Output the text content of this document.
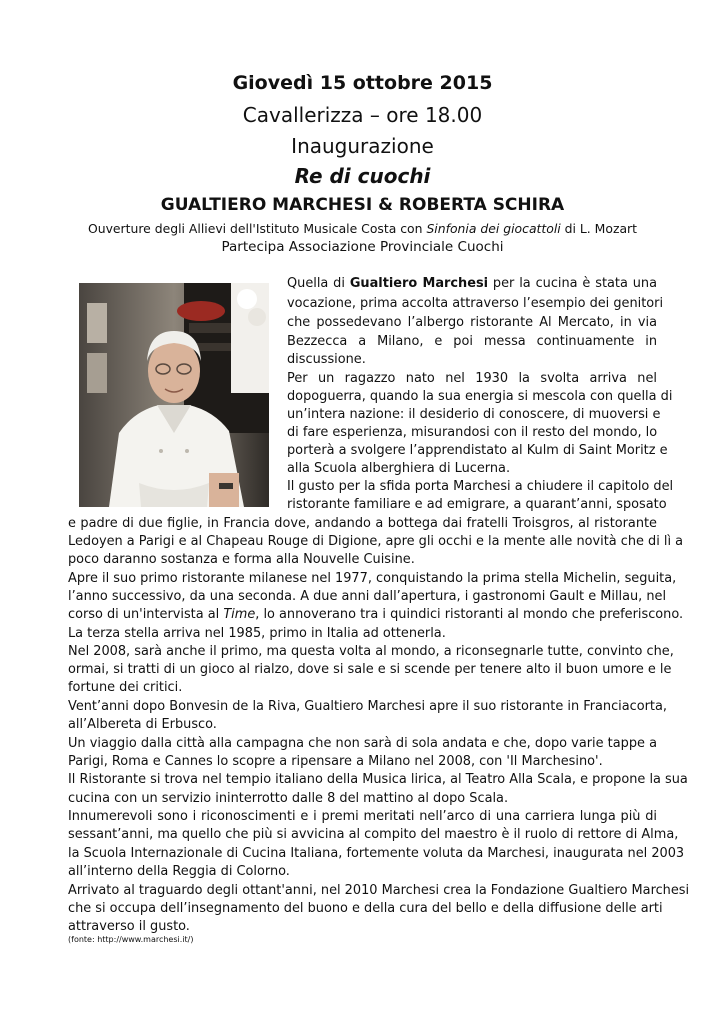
Giovedì 15 ottobre 2015
Cavallerizza – ore 18.00
Inaugurazione
Re di cuochi
GUALTIERO MARCHESI & ROBERTA SCHIRA
Ouverture degli Allievi dell'Istituto Musicale Costa con Sinfonia dei giocattoli di L. Mozart
Partecipa Associazione Provinciale Cuochi
Quella di Gualtiero Marchesi per la cucina è stata una
vocazione, prima accolta attraverso l’esempio dei genitori
che possedevano l’albergo ristorante Al Mercato, in via
Bezzecca a Milano, e poi messa continuamente in
discussione.
Per un ragazzo nato nel 1930 la svolta arriva nel
dopoguerra, quando la sua energia si mescola con quella di
un’intera nazione: il desiderio di conoscere, di muoversi e
di fare esperienza, misurandosi con il resto del mondo, lo
porterà a svolgere l’apprendistato al Kulm di Saint Moritz e
alla Scuola alberghiera di Lucerna.
Il gusto per la sfida porta Marchesi a chiudere il capitolo del
ristorante familiare e ad emigrare, a quarant’anni, sposato
e padre di due figlie, in Francia dove, andando a bottega dai fratelli Troisgros, al ristorante
Ledoyen a Parigi e al Chapeau Rouge di Digione, apre gli occhi e la mente alle novità che di lì a
poco daranno sostanza e forma alla Nouvelle Cuisine.
Apre il suo primo ristorante milanese nel 1977, conquistando la prima stella Michelin, seguita,
l’anno successivo, da una seconda. A due anni dall’apertura, i gastronomi Gault e Millau, nel
corso di un'intervista al Time, lo annoverano tra i quindici ristoranti al mondo che preferiscono.
La terza stella arriva nel 1985, primo in Italia ad ottenerla.
Nel 2008, sarà anche il primo, ma questa volta al mondo, a riconsegnarle tutte, convinto che,
ormai, si tratti di un gioco al rialzo, dove si sale e si scende per tenere alto il buon umore e le
fortune dei critici.
Vent’anni dopo Bonvesin de la Riva, Gualtiero Marchesi apre il suo ristorante in Franciacorta,
all’Albereta di Erbusco.
Un viaggio dalla città alla campagna che non sarà di sola andata e che, dopo varie tappe a
Parigi, Roma e Cannes lo scopre a ripensare a Milano nel 2008, con 'Il Marchesino'.
Il Ristorante si trova nel tempio italiano della Musica lirica, al Teatro Alla Scala, e propone la sua
cucina con un servizio ininterrotto dalle 8 del mattino al dopo Scala.
Innumerevoli sono i riconoscimenti e i premi meritati nell’arco di una carriera lunga più di
sessant’anni, ma quello che più si avvicina al compito del maestro è il ruolo di rettore di Alma,
la Scuola Internazionale di Cucina Italiana, fortemente voluta da Marchesi, inaugurata nel 2003
all’interno della Reggia di Colorno.
Arrivato al traguardo degli ottant'anni, nel 2010 Marchesi crea la Fondazione Gualtiero Marchesi
che si occupa dell’insegnamento del buono e della cura del bello e della diffusione delle arti
attraverso il gusto.
(fonte: http://www.marchesi.it/)
